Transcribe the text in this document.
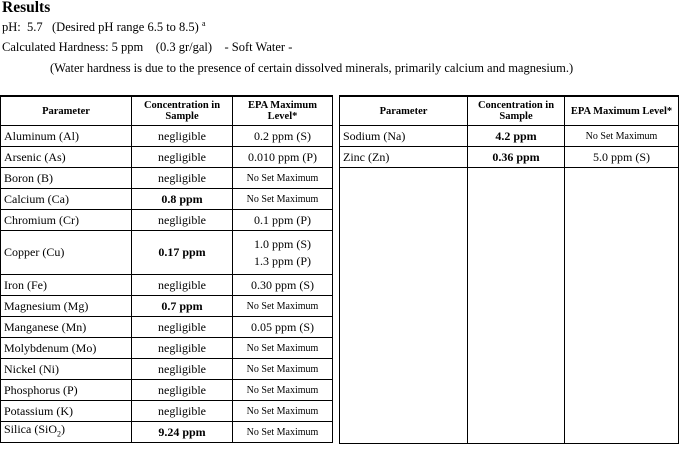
Results
pH: 5.7 (Desired pH range 6.5 to 8.5) $^a$
Calculated Hardness: 5 ppm    (0.3 gr/gal)    - Soft Water -
(Water hardness is due to the presence of certain dissolved minerals, primarily calcium and magnesium.)
Parameter	Concentration in Sample	EPA Maximum Level*
Aluminum (Al)	negligible	0.2 ppm (S)
Arsenic (As)	negligible	0.010 ppm (P)
Boron (B)	negligible	No Set Maximum
Calcium (Ca)	0.8 ppm	No Set Maximum
Chromium (Cr)	negligible	0.1 ppm (P)
Copper (Cu)	0.17 ppm	1.0 ppm (S)
1.3 ppm (P)

Iron (Fe)	negligible	0.30 ppm (S)
Magnesium (Mg)	0.7 ppm	No Set Maximum
Manganese (Mn)	negligible	0.05 ppm (S)
Molybdenum (Mo)	negligible	No Set Maximum
Nickel (Ni)	negligible	No Set Maximum
Phosphorus (P)	negligible	No Set Maximum
Potassium (K)	negligible	No Set Maximum
Silica (SiO$_2$)	9.24 ppm	No Set Maximum
Parameter	Concentration in Sample	EPA Maximum Level*
Sodium (Na)	4.2 ppm	No Set Maximum
Zinc (Zn)	0.36 ppm	5.0 ppm (S)
